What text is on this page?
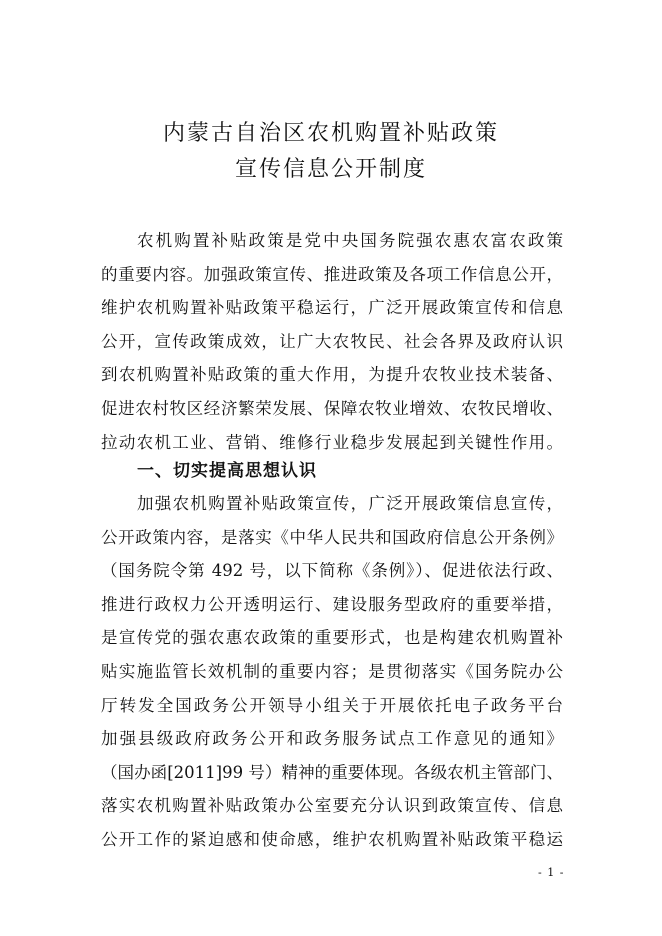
内蒙古自治区农机购置补贴政策
宣传信息公开制度
农机购置补贴政策是党中央国务院强农惠农富农政策
的重要内容。加强政策宣传、推进政策及各项工作信息公开，
维护农机购置补贴政策平稳运行，广泛开展政策宣传和信息
公开，宣传政策成效，让广大农牧民、社会各界及政府认识
到农机购置补贴政策的重大作用，为提升农牧业技术装备、
促进农村牧区经济繁荣发展、保障农牧业增效、农牧民增收、
拉动农机工业、营销、维修行业稳步发展起到关键性作用。
一、切实提高思想认识
加强农机购置补贴政策宣传，广泛开展政策信息宣传，
公开政策内容，是落实《中华人民共和国政府信息公开条例》
（国务院令第 492 号，以下简称《条例》）、促进依法行政、
推进行政权力公开透明运行、建设服务型政府的重要举措，
是宣传党的强农惠农政策的重要形式，也是构建农机购置补
贴实施监管长效机制的重要内容；是贯彻落实《国务院办公
厅转发全国政务公开领导小组关于开展依托电子政务平台
加强县级政府政务公开和政务服务试点工作意见的通知》
（国办函[2011]99 号）精神的重要体现。各级农机主管部门、
落实农机购置补贴政策办公室要充分认识到政策宣传、信息
公开工作的紧迫感和使命感，维护农机购置补贴政策平稳运
- 1 -
